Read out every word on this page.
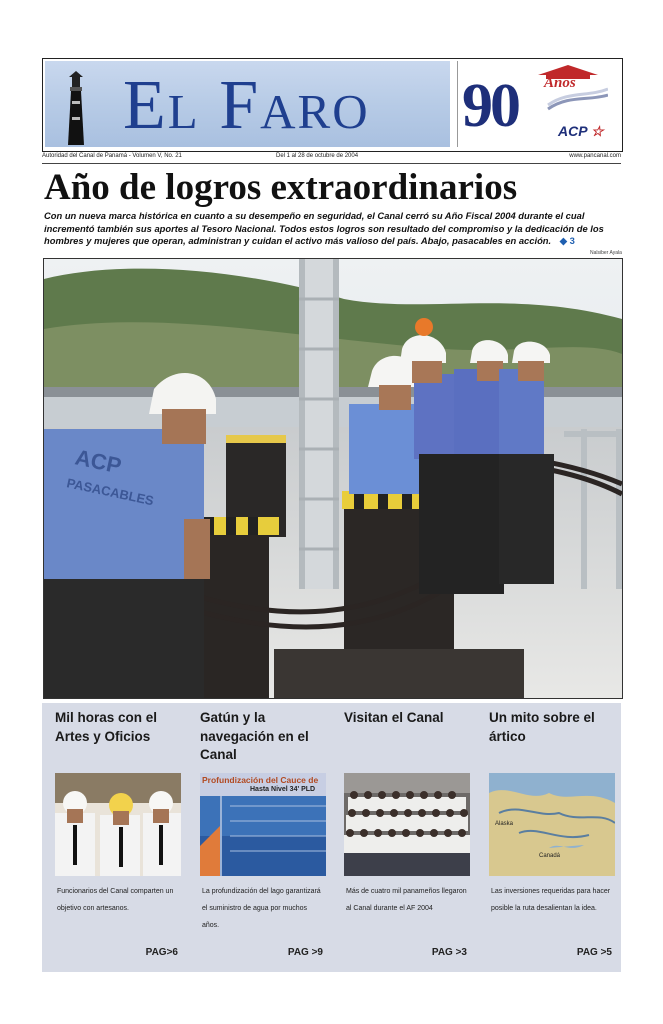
El Faro 90 Años
ACP ☆
Autoridad del Canal de Panamá - Volumen V, No. 21	Del 1 al 28 de octubre de 2004	www.pancanal.com
Año de logros extraordinarios
Con un nueva marca histórica en cuanto a su desempeño en seguridad, el Canal cerró su Año Fiscal 2004 durante el cual incrementó también sus aportes al Tesoro Nacional. Todos estos logros son resultado del compromiso y la dedicación de los hombres y mujeres que operan, administran y cuidan el activo más valioso del país. Abajo, pasacables en acción. ◆ 3
Nalsiber Ayala
ACP
PASACABLES
Mil horas con el Artes y Oficios
Funcionarios del Canal comparten un objetivo con artesanos.
PAG>6
Gatún y la navegación en el Canal
Profundización del Cauce de
Hasta Nivel 34' PLD
La profundización del lago garantizará el suministro de agua por muchos años.
PAG >9
Visitan el Canal
Más de cuatro mil panameños llegaron al Canal durante el AF 2004
PAG >3
Un mito sobre el ártico
Alaska
Canadá
Las inversiones requeridas para hacer posible la ruta desalientan la idea.
PAG >5
